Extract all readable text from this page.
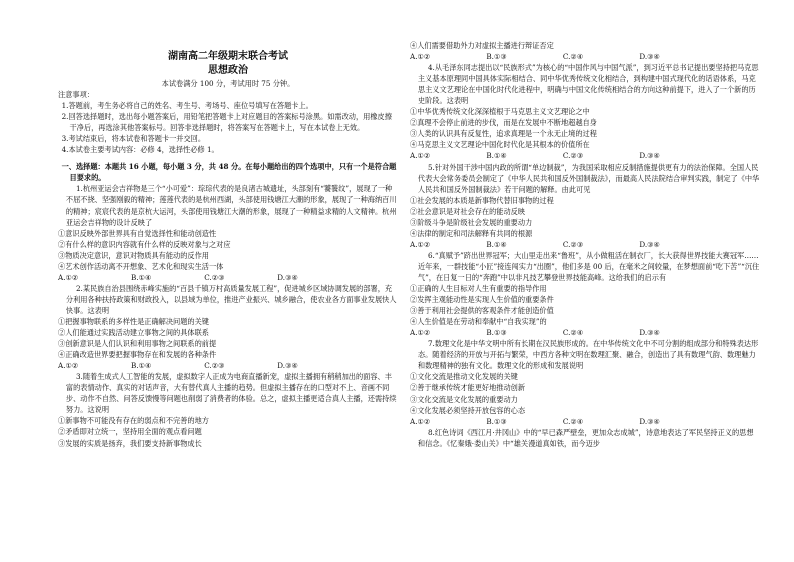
湖南高二年级期末联合考试
思想政治
本试卷满分 100 分，考试用时 75 分钟。
注意事项：
1.答题前，考生务必将自己的姓名、考生号、考场号、座位号填写在答题卡上。
2.回答选择题时，选出每小题答案后，用铅笔把答题卡上对应题目的答案标号涂黑。如需改动，用橡皮擦干净后，再选涂其他答案标号。回答非选择题时，将答案写在答题卡上，写在本试卷上无效。
3.考试结束后，将本试卷和答题卡一并交回。
4.本试卷主要考试内容：必修 4，选择性必修 1。
一、选择题：本题共 16 小题，每小题 3 分，共 48 分。在每小题给出的四个选项中，只有一个是符合题目要求的。
1.杭州亚运会吉祥物是三个“小可爱”：琮琮代表的是良渚古城遗址，头部刻有“饕餮纹”，展现了一种不屈不挠、坚强刚毅的精神；莲莲代表的是杭州西湖，头部使用钱塘江大潮的形象，展现了一种海纳百川的精神；宸宸代表的是京杭大运河，头部使用钱塘江大潮的形象，展现了一种精益求精的人文精神。杭州亚运会吉祥物的设计反映了
①意识反映外部世界具有自觉选择性和能动创造性
②有什么样的意识内容就有什么样的反映对象与之对应
③物质决定意识，意识对物质具有能动的反作用
④艺术创作活动离不开想象、艺术化和现实生活一体
A.①②	B.①④	C.②③	D.③④
2.某民族自治县围绕赤峰实施的“百县千镇万村高质量发展工程”，促进城乡区域协调发展的部署，充分利用各种扶持政策和财政投入，以县域为单位，推进产业振兴、城乡融合，使农业各方面事业发展快人快事。这表明
①把握事物联系的多样性是正确解决问题的关键
②人们能通过实践活动建立事物之间的具体联系
③创新意识是人们认识和利用事物之间联系的前提
④正确改造世界要把握事物存在和发展的各种条件
A.①②	B.①④	C.②③	D.③④
3.随着生成式人工智能的发展，虚拟数字人正成为电商直播新宠，虚拟主播拥有稍稍加出的面容、丰富的表情动作、真实的对话声音，大有替代真人主播的趋势。但虚拟主播存在的口型对不上、音画不同步、动作不自然、问答反馈慢等问题也削弱了消费者的体验。总之，虚拟主播更适合真人主播，还需持续努力。这说明
①新事物不可能没有存在的弱点和不完善的地方
②矛盾即对立统一，坚持用全面的观点看问题
③发展的实质是扬弃，我们要支持新事物成长
④人们需要借助外力对虚拟主播进行辩证否定
A.①②	B.①③	C.②④	D.③④
4.从毛泽东同志提出以“民族形式”为核心的“中国作风与中国气派”，到习近平总书记提出要坚持把马克思主义基本原理同中国具体实际相结合、同中华优秀传统文化相结合，到构建中国式现代化的话语体系，马克思主义文艺理论在中国化时代化进程中，明确与中国文化传统相结合的方向这种前提下，进入了一个新的历史阶段。这表明
①中华优秀传统文化深深植根于马克思主义文艺理论之中
②真理不会停止前进的步伐，而是在发展中不断地超越自身
③人类的认识具有反复性，追求真理是一个永无止境的过程
④马克思主义文艺理论中国化时代化是其根本的价值所在
A.①②	B.①④	C.②③	D.③④
5.针对外国干涉中国内政的所谓“单边制裁”，为我国采取相应反制措施提供更有力的法治保障。全国人民代表大会常务委员会制定了《中华人民共和国反外国制裁法》，而最高人民法院结合审判实践，制定了《中华人民共和国反外国制裁法》若干问题的解释。由此可见
①社会发展的本质是新事物代替旧事物的过程
②社会意识是对社会存在的能动反映
③阶级斗争是阶级社会发展的重要动力
④法律的制定和司法解释有共同的根源
A.①②	B.①④	C.②③	D.③④
6.“真赋予”跻出世界冠军；大山里走出来“鲁班”，从小做粗活在制衣厂，长大获得世界技能大赛冠军……近年来，一群技能“小匠”接连闯实力“出圈”，他们多是 00 后，在毫米之间较量，在梦想面前“吃下苦”“沉住气”，在日复一日的“奔跑”中以非凡技艺攀登世界技能高峰。这给我们的启示有
①正确的人生目标对人生有重要的指导作用
②发挥主观能动性是实现人生价值的重要条件
③善于利用社会提供的客观条件才能创造价值
④人生价值是在劳动和奉献中“自我实现”的
A.①②	B.①③	C.②④	D.③④
7.数理文化是中华文明中所有长期在汉民族形成的。在中华传统文化中不可分割的组成部分和特殊表达形态。随着经济的开放与开拓与繁荣，中西方各种文明在数理汇聚、融合，创造出了具有数理气韵、数理魅力和数理精神的独有文化。数理文化的形成和发展说明
①文化交流是推动文化发展的关键
②善于继承传统才能更好地推动创新
③文化交流是文化发展的重要动力
④文化发展必须坚持开放包容的心态
A.①②	B.①③	C.②④	D.③④
8.红色诗词《西江月·井冈山》中的“早已森严壁垒，更加众志成城”，诗意地表达了军民坚持正义的思想和信念。《忆秦娥·娄山关》中“雄关漫道真如铁，而今迈步
